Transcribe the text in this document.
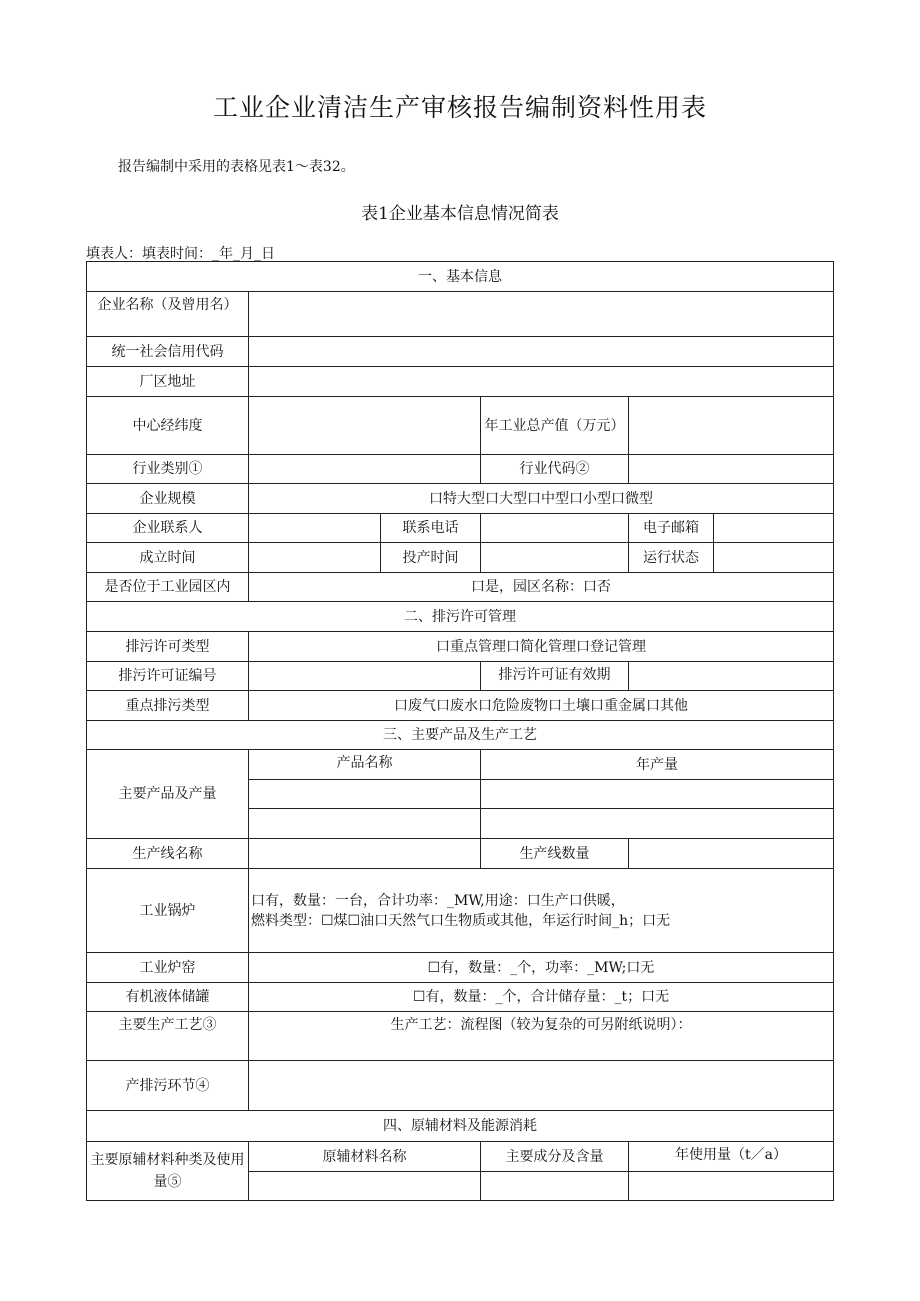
工业企业清洁生产审核报告编制资料性用表
报告编制中采用的表格见表1～表32。
表1企业基本信息情况简表
填表人：填表时间：_年_月_日
一、基本信息					
企业名称（及曾用名）					
统一社会信用代码					
厂区地址					
中心经纬度			年工业总产值（万元）		
行业类别①			行业代码②		
企业规模	口特大型口大型口中型口小型口微型				
企业联系人		联系电话		电子邮箱	
成立时间		投产时间		运行状态	
是否位于工业园区内	口是，园区名称：口否				
二、排污许可管理					
排污许可类型	口重点管理口简化管理口登记管理				
排污许可证编号			排污许可证有效期		
重点排污类型	口废气口废水口危险废物口土壤口重金属口其他				
三、主要产品及生产工艺					
主要产品及产量	产品名称		年产量		

生产线名称			生产线数量		
工业锅炉	口有，数量：一台，合计功率：_MW,用途：口生产口供暖，
燃料类型：☐煤☐油口天然气口生物质或其他，年运行时间_h；口无				

工业炉窑	☐有，数量：_个，功率：_MW;口无				
有机液体储罐	☐有，数量：_个，合计储存量：_t；口无				
主要生产工艺③	生产工艺：流程图（较为复杂的可另附纸说明）：				
产排污环节④					
四、原辅材料及能源消耗					
主要原辅材料种类及使用量⑤	原辅材料名称		主要成分及含量	年使用量（t／a）	
